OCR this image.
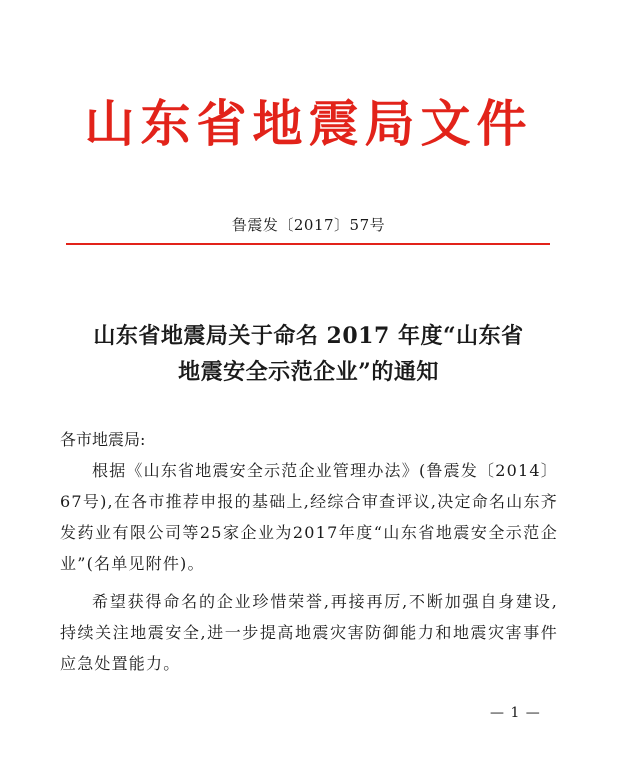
山东省地震局文件
鲁震发〔2017〕57号
山东省地震局关于命名 2017 年度“山东省
地震安全示范企业”的通知
各市地震局:
根据《山东省地震安全示范企业管理办法》(鲁震发〔2014〕67号),在各市推荐申报的基础上,经综合审查评议,决定命名山东齐发药业有限公司等25家企业为2017年度“山东省地震安全示范企业”(名单见附件)。
希望获得命名的企业珍惜荣誉,再接再厉,不断加强自身建设,持续关注地震安全,进一步提高地震灾害防御能力和地震灾害事件应急处置能力。
— 1 —
